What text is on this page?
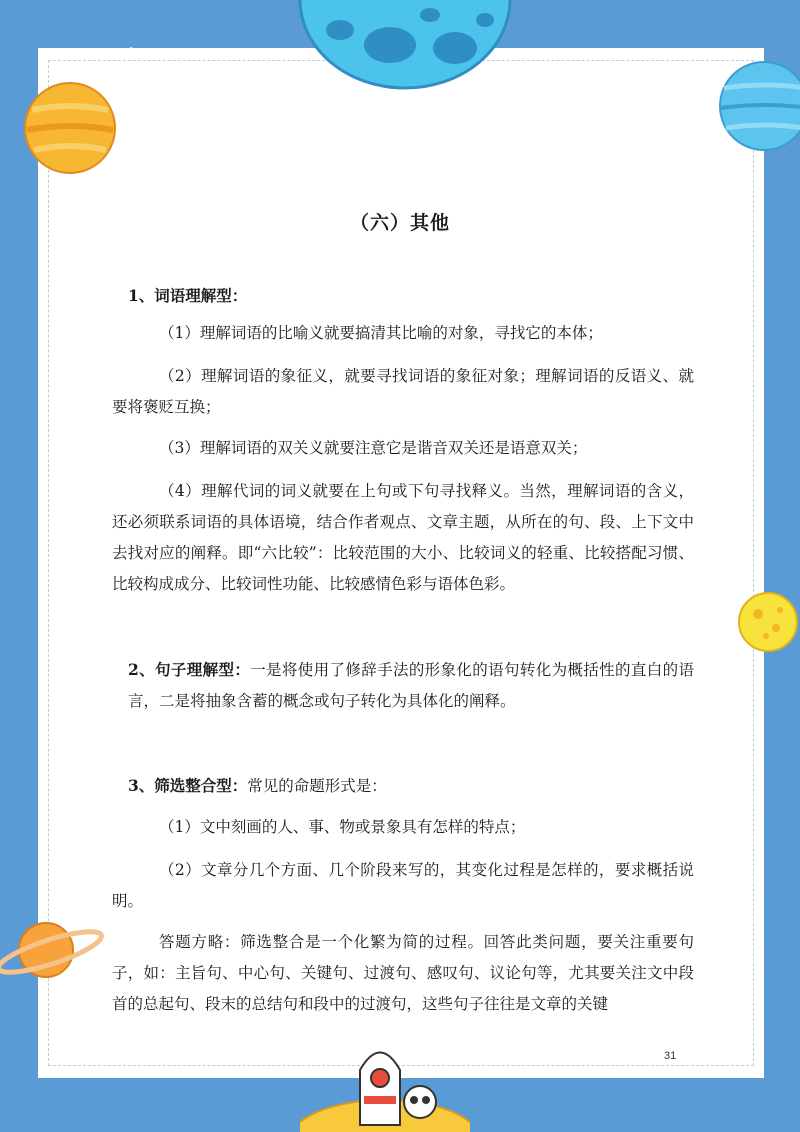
（六）其他
1、词语理解型：
（1）理解词语的比喻义就要搞清其比喻的对象，寻找它的本体；
（2）理解词语的象征义，就要寻找词语的象征对象；理解词语的反语义、就要将褒贬互换；
（3）理解词语的双关义就要注意它是谐音双关还是语意双关；
（4）理解代词的词义就要在上句或下句寻找释义。当然，理解词语的含义，还必须联系词语的具体语境，结合作者观点、文章主题，从所在的句、段、上下文中去找对应的阐释。即“六比较”：比较范围的大小、比较词义的轻重、比较搭配习惯、比较构成成分、比较词性功能、比较感情色彩与语体色彩。
2、句子理解型：一是将使用了修辞手法的形象化的语句转化为概括性的直白的语言，二是将抽象含蓄的概念或句子转化为具体化的阐释。
3、筛选整合型：常见的命题形式是：
（1）文中刻画的人、事、物或景象具有怎样的特点；
（2）文章分几个方面、几个阶段来写的，其变化过程是怎样的，要求概括说明。
答题方略：筛选整合是一个化繁为简的过程。回答此类问题，要关注重要句子，如：主旨句、中心句、关键句、过渡句、感叹句、议论句等，尤其要关注文中段首的总起句、段末的总结句和段中的过渡句，这些句子往往是文章的关键
31
